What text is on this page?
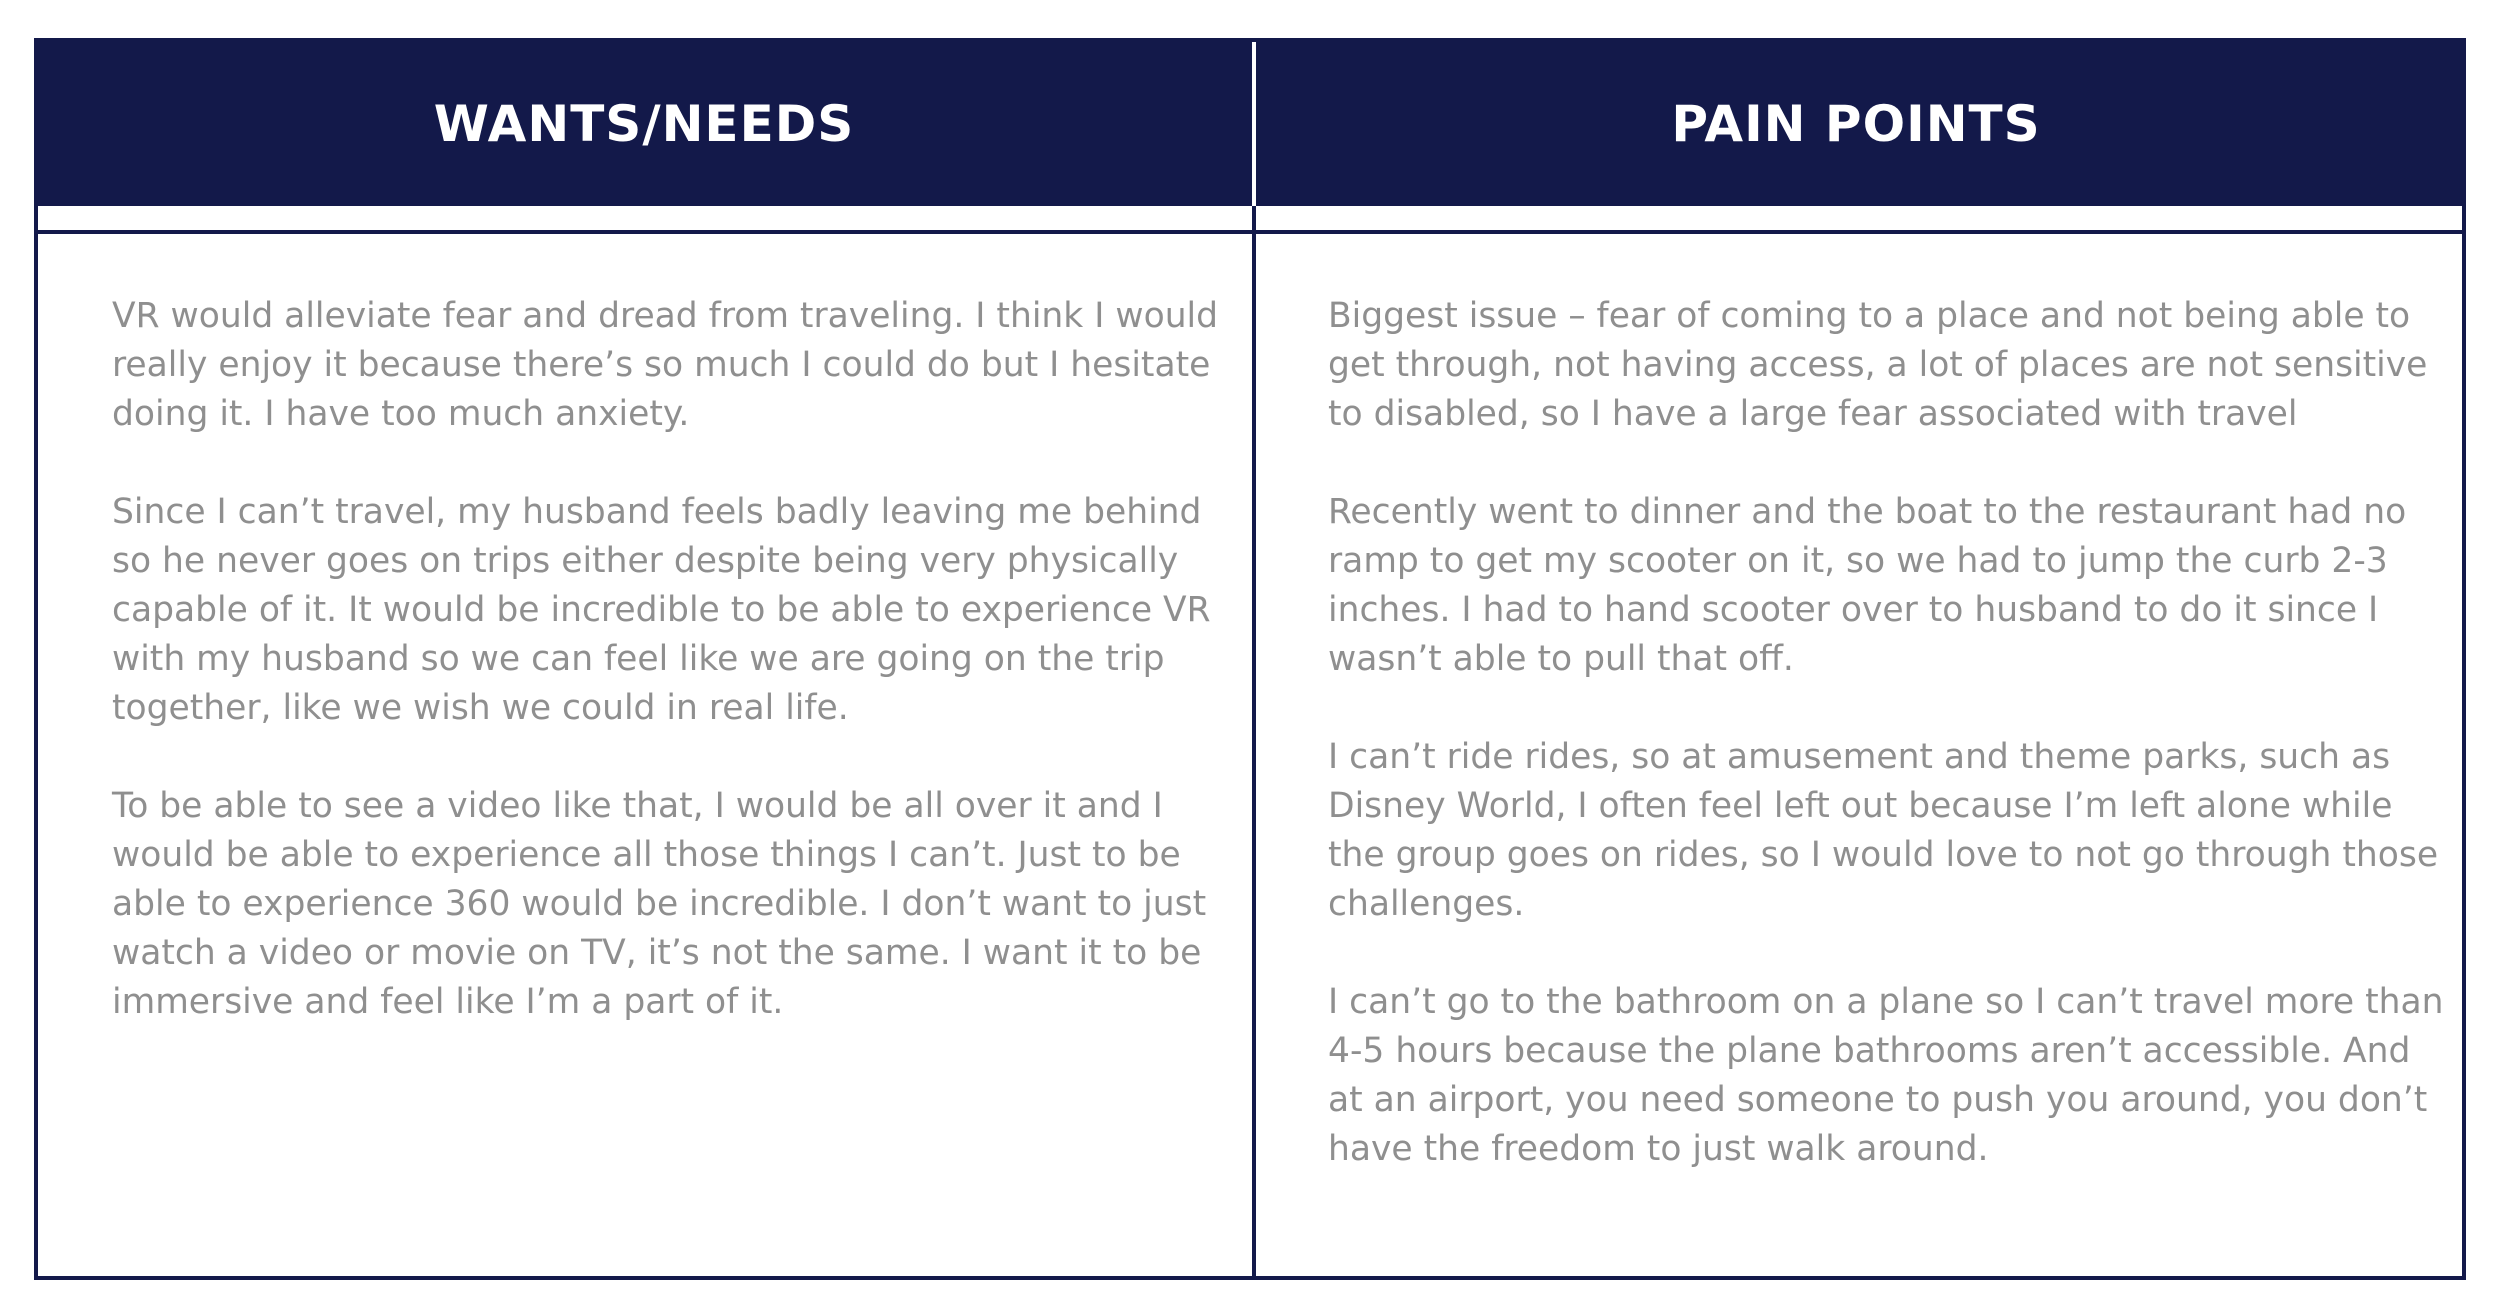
WANTS/NEEDS	PAIN POINTS

VR would alleviate fear and dread from traveling. I think I would really enjoy it because there’s so much I could do but I hesitate doing it. I have too much anxiety.

Since I can’t travel, my husband feels badly leaving me behind so he never goes on trips either despite being very physically capable of it. It would be incredible to be able to experience VR with my husband so we can feel like we are going on the trip together, like we wish we could in real life.

To be able to see a video like that, I would be all over it and I would be able to experience all those things I can’t. Just to be able to experience 360 would be incredible. I don’t want to just watch a video or movie on TV, it’s not the same. I want it to be immersive and feel like I’m a part of it.

Biggest issue – fear of coming to a place and not being able to get through, not having access, a lot of places are not sensitive to disabled, so I have a large fear associated with travel

Recently went to dinner and the boat to the restaurant had no ramp to get my scooter on it, so we had to jump the curb 2-3 inches. I had to hand scooter over to husband to do it since I wasn’t able to pull that off.

I can’t ride rides, so at amusement and theme parks, such as Disney World, I often feel left out because I’m left alone while the group goes on rides, so I would love to not go through those challenges.

I can’t go to the bathroom on a plane so I can’t travel more than 4-5 hours because the plane bathrooms aren’t accessible. And at an airport, you need someone to push you around, you don’t have the freedom to just walk around.
